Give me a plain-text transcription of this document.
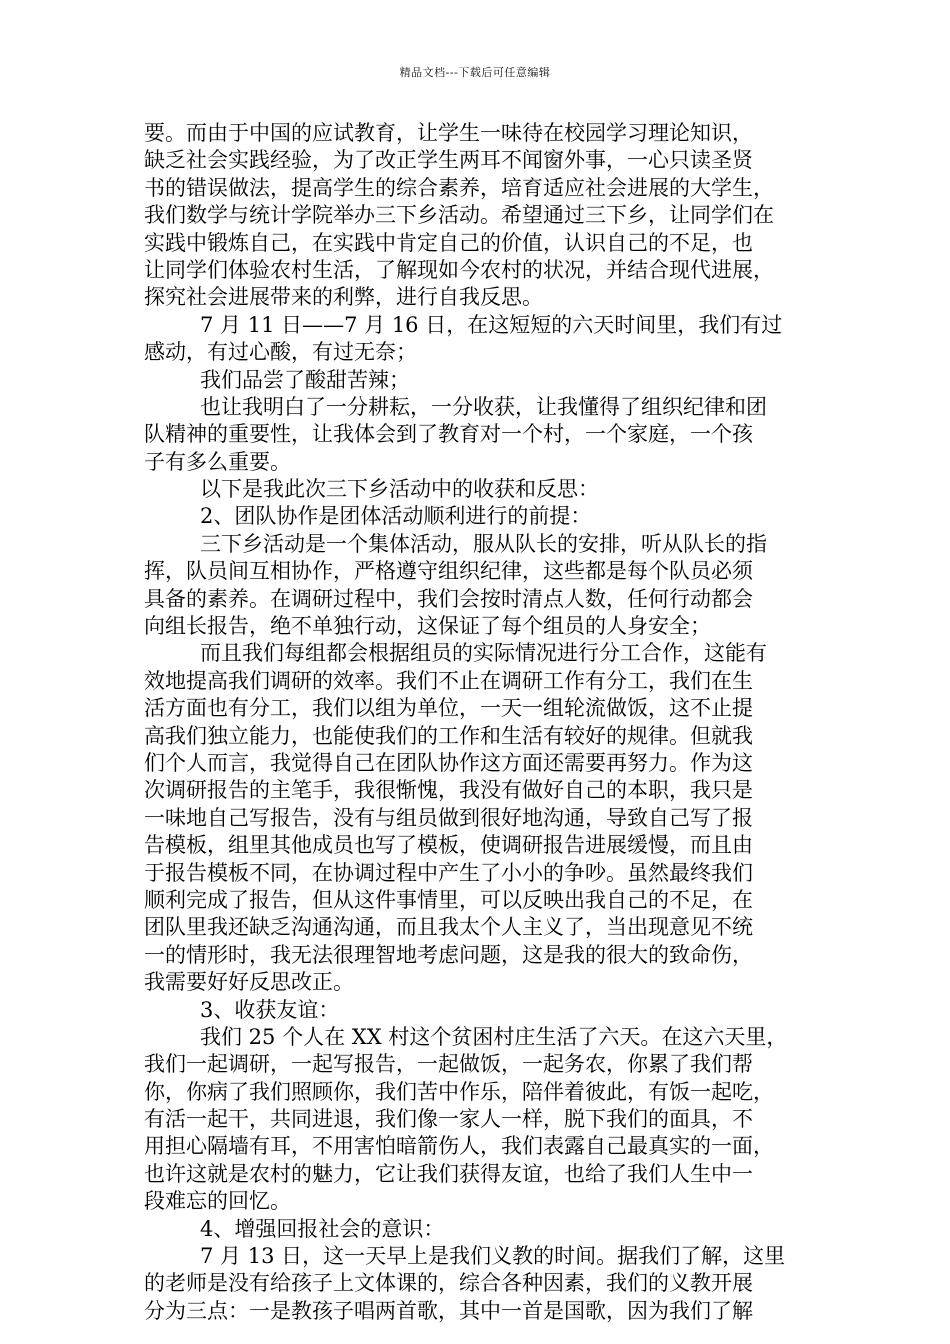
精品文档---下载后可任意编辑
要。而由于中国的应试教育，让学生一味待在校园学习理论知识，
缺乏社会实践经验，为了改正学生两耳不闻窗外事，一心只读圣贤
书的错误做法，提高学生的综合素养，培育适应社会进展的大学生，
我们数学与统计学院举办三下乡活动。希望通过三下乡，让同学们在
实践中锻炼自己，在实践中肯定自己的价值，认识自己的不足，也
让同学们体验农村生活，了解现如今农村的状况，并结合现代进展，
探究社会进展带来的利弊，进行自我反思。
7 月 11 日——7 月 16 日，在这短短的六天时间里，我们有过
感动，有过心酸，有过无奈；
我们品尝了酸甜苦辣；
也让我明白了一分耕耘，一分收获，让我懂得了组织纪律和团
队精神的重要性，让我体会到了教育对一个村，一个家庭，一个孩
子有多么重要。
以下是我此次三下乡活动中的收获和反思：
2、团队协作是团体活动顺利进行的前提：
三下乡活动是一个集体活动，服从队长的安排，听从队长的指
挥，队员间互相协作，严格遵守组织纪律，这些都是每个队员必须
具备的素养。在调研过程中，我们会按时清点人数，任何行动都会
向组长报告，绝不单独行动，这保证了每个组员的人身安全；
而且我们每组都会根据组员的实际情况进行分工合作，这能有
效地提高我们调研的效率。我们不止在调研工作有分工，我们在生
活方面也有分工，我们以组为单位，一天一组轮流做饭，这不止提
高我们独立能力，也能使我们的工作和生活有较好的规律。但就我
们个人而言，我觉得自己在团队协作这方面还需要再努力。作为这
次调研报告的主笔手，我很惭愧，我没有做好自己的本职，我只是
一味地自己写报告，没有与组员做到很好地沟通，导致自己写了报
告模板，组里其他成员也写了模板，使调研报告进展缓慢，而且由
于报告模板不同，在协调过程中产生了小小的争吵。虽然最终我们
顺利完成了报告，但从这件事情里，可以反映出我自己的不足，在
团队里我还缺乏沟通沟通，而且我太个人主义了，当出现意见不统
一的情形时，我无法很理智地考虑问题，这是我的很大的致命伤，
我需要好好反思改正。
3、收获友谊：
我们 25 个人在 XX 村这个贫困村庄生活了六天。在这六天里，
我们一起调研，一起写报告，一起做饭，一起务农，你累了我们帮
你，你病了我们照顾你，我们苦中作乐，陪伴着彼此，有饭一起吃，
有活一起干，共同进退，我们像一家人一样，脱下我们的面具，不
用担心隔墙有耳，不用害怕暗箭伤人，我们表露自己最真实的一面，
也许这就是农村的魅力，它让我们获得友谊，也给了我们人生中一
段难忘的回忆。
4、增强回报社会的意识：
7 月 13 日，这一天早上是我们义教的时间。据我们了解，这里
的老师是没有给孩子上文体课的，综合各种因素，我们的义教开展
分为三点：一是教孩子唱两首歌，其中一首是国歌，因为我们了解
